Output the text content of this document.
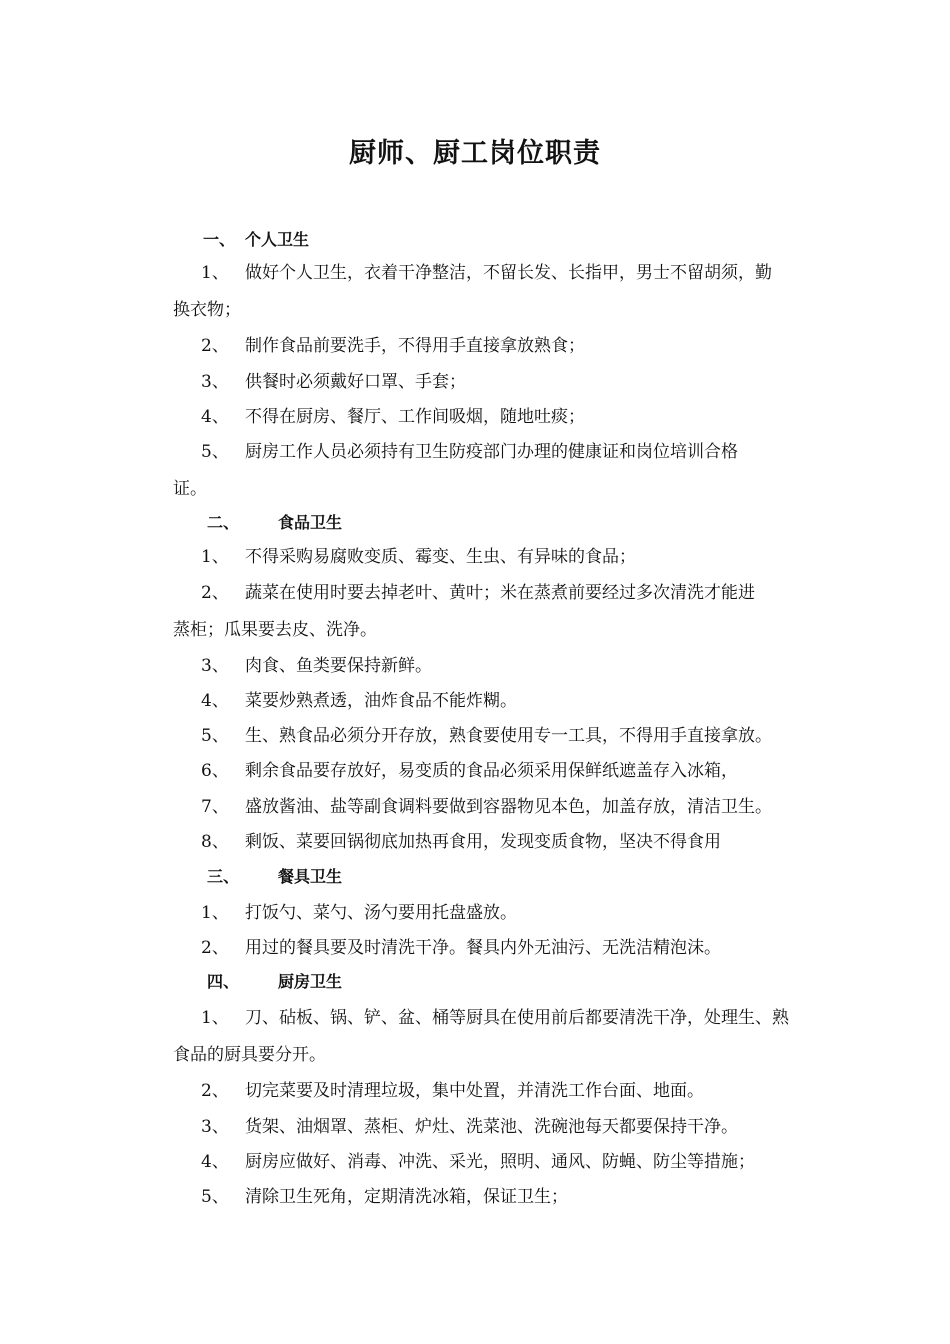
厨师、厨工岗位职责
一、 个人卫生
1、 做好个人卫生，衣着干净整洁，不留长发、长指甲，男士不留胡须，勤
换衣物；
2、 制作食品前要洗手，不得用手直接拿放熟食；
3、 供餐时必须戴好口罩、手套；
4、 不得在厨房、餐厅、工作间吸烟，随地吐痰；
5、 厨房工作人员必须持有卫生防疫部门办理的健康证和岗位培训合格
证。
二、 食品卫生
1、 不得采购易腐败变质、霉变、生虫、有异味的食品；
2、 蔬菜在使用时要去掉老叶、黄叶；米在蒸煮前要经过多次清洗才能进
蒸柜；瓜果要去皮、洗净。
3、 肉食、鱼类要保持新鲜。
4、 菜要炒熟煮透，油炸食品不能炸糊。
5、 生、熟食品必须分开存放，熟食要使用专一工具，不得用手直接拿放。
6、 剩余食品要存放好，易变质的食品必须采用保鲜纸遮盖存入冰箱，
7、 盛放酱油、盐等副食调料要做到容器物见本色，加盖存放，清洁卫生。
8、 剩饭、菜要回锅彻底加热再食用，发现变质食物，坚决不得食用
三、 餐具卫生
1、 打饭勺、菜勺、汤勺要用托盘盛放。
2、 用过的餐具要及时清洗干净。餐具内外无油污、无洗洁精泡沫。
四、 厨房卫生
1、 刀、砧板、锅、铲、盆、桶等厨具在使用前后都要清洗干净，处理生、熟
食品的厨具要分开。
2、 切完菜要及时清理垃圾，集中处置，并清洗工作台面、地面。
3、 货架、油烟罩、蒸柜、炉灶、洗菜池、洗碗池每天都要保持干净。
4、 厨房应做好、消毒、冲洗、采光，照明、通风、防蝇、防尘等措施；
5、 清除卫生死角，定期清洗冰箱，保证卫生；
